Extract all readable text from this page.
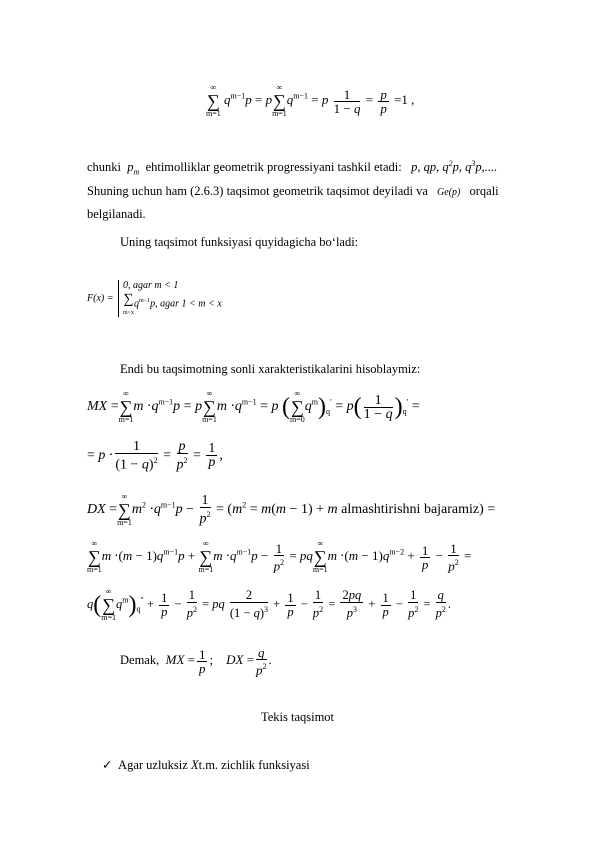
∞
∑
m=1
$q^{m-1}p = p$
∞
∑
m=1
$q^{m-1} = p \frac{1}{1 - q} = \frac{p}{p} =1$ ,
chunki  $p_m$ ehtimolliklar geometrik progressiyani tashkil etadi:   p, qp, $q^2p$, $q^3p$,....
Shuning uchun ham (2.6.3) taqsimot geometrik taqsimot deyiladi va Ge(p) orqali
belgilanadi.
Uning taqsimot funksiyasi quyidagicha bo‘ladi:
F(x) =
0, agar m < 1
∑
m<x
$q^{m-1}p$, agar 1 < m < x
Endi bu taqsimotning sonli xarakteristikalarini hisoblaymiz:
MX =
∞
∑
m=1
$m \cdot q^{m-1}p = p$
∞
∑
m=1
$m \cdot q^{m-1} = p$ (
∞
∑
m=0
$q^m)_q' = p( \frac{1}{1 - q} )_q'$ =
= $p \cdot \frac{1}{(1 - q)^2} = \frac{p}{p^2} = \frac{1}{p}$ ,
DX =
∞
∑
m=1
$m^2 \cdot q^{m-1}p - \frac{1}{p^2} = (m^2 = m(m - 1) + m$ almashtirishni bajaramiz) =
∞
∑
m=1
$m \cdot(m - 1)q^{m-1}p$ +
∞
∑
m=1
$m \cdot q^{m-1}p - \frac{1}{p^2}$ = pq
∞
∑
m=1
$m \cdot(m - 1)q^{m-2} + \frac{1}{p} - \frac{1}{p^2}$ =
q(
∞
∑
m=1
$q^m)_q'' + \frac{1}{p} - \frac{1}{p^2}$ = pq $\frac{2}{(1 - q)^3} + \frac{1}{p} - \frac{1}{p^2} = \frac{2pq}{p^3} + \frac{1}{p} - \frac{1}{p^2} = \frac{q}{p^2}$ .
Demak, MX = $\frac{1}{p}$ ;    DX = $\frac{q}{p^2}$ .
Tekis taqsimot
✓ Agar uzluksiz Xt.m. zichlik funksiyasi
